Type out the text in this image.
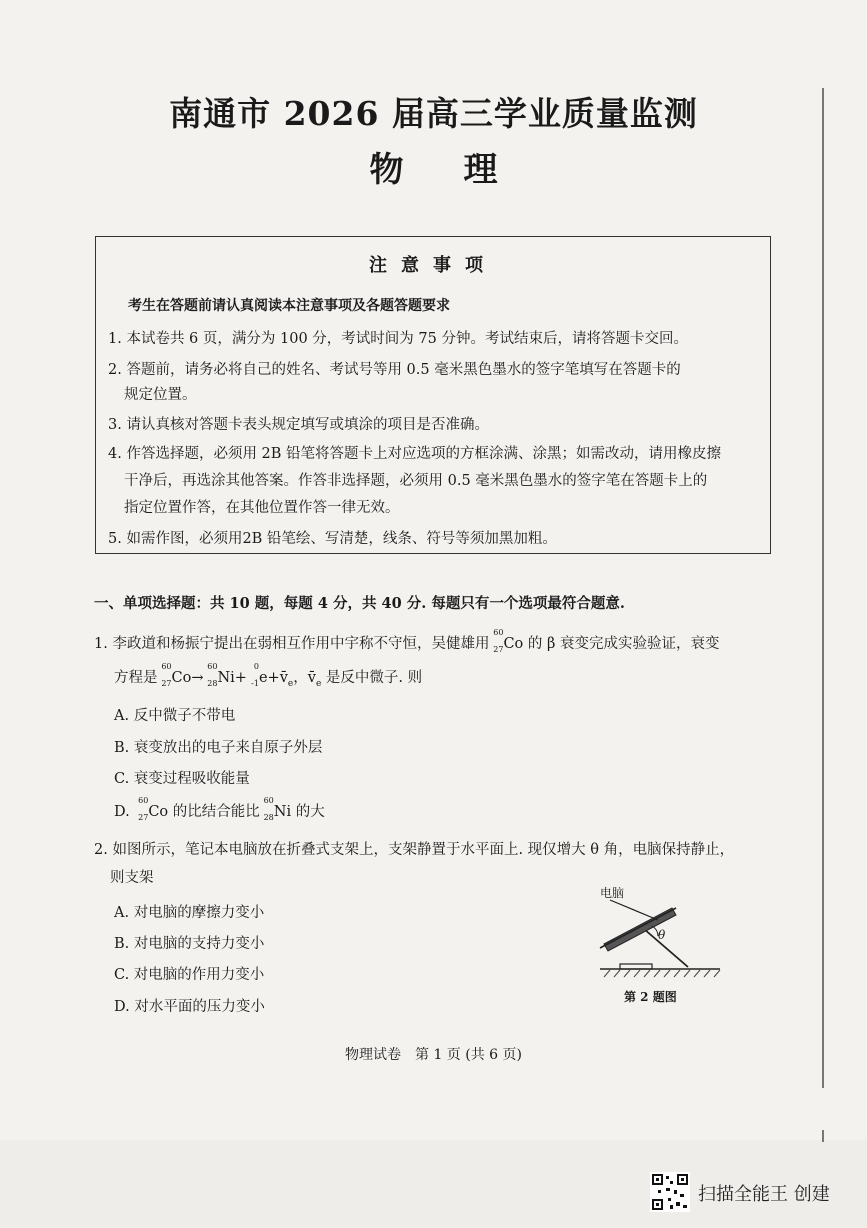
南通市 2026 届高三学业质量监测
物理
注意事项
考生在答题前请认真阅读本注意事项及各题答题要求
1. 本试卷共 6 页，满分为 100 分，考试时间为 75 分钟。考试结束后，请将答题卡交回。
2. 答题前，请务必将自己的姓名、考试号等用 0.5 毫米黑色墨水的签字笔填写在答题卡的
规定位置。
3. 请认真核对答题卡表头规定填写或填涂的项目是否准确。
4. 作答选择题，必须用 2B 铅笔将答题卡上对应选项的方框涂满、涂黑；如需改动，请用橡皮擦
干净后，再选涂其他答案。作答非选择题，必须用 0.5 毫米黑色墨水的签字笔在答题卡上的
指定位置作答，在其他位置作答一律无效。
5. 如需作图，必须用2B 铅笔绘、写清楚，线条、符号等须加黑加粗。
一、单项选择题：共 10 题，每题 4 分，共 40 分. 每题只有一个选项最符合题意.
1. 李政道和杨振宁提出在弱相互作用中宇称不守恒，吴健雄用
60
27 Co 的 β 衰变完成实验验证，衰变
方程是
60
27 Co→
60
28 Ni+
0
-1 $e+v̄_e$，$v̄_e$ 是反中微子. 则
A. 反中微子不带电
B. 衰变放出的电子来自原子外层
C. 衰变过程吸收能量
D.
60
27 Co 的比结合能比
60
28 Ni 的大
2. 如图所示，笔记本电脑放在折叠式支架上，支架静置于水平面上. 现仅增大 θ 角，电脑保持静止，
则支架
A. 对电脑的摩擦力变小
B. 对电脑的支持力变小
C. 对电脑的作用力变小
D. 对水平面的压力变小
电脑
θ
第 2 题图
物理试卷　第 1 页 (共 6 页)
扫描全能王 创建
